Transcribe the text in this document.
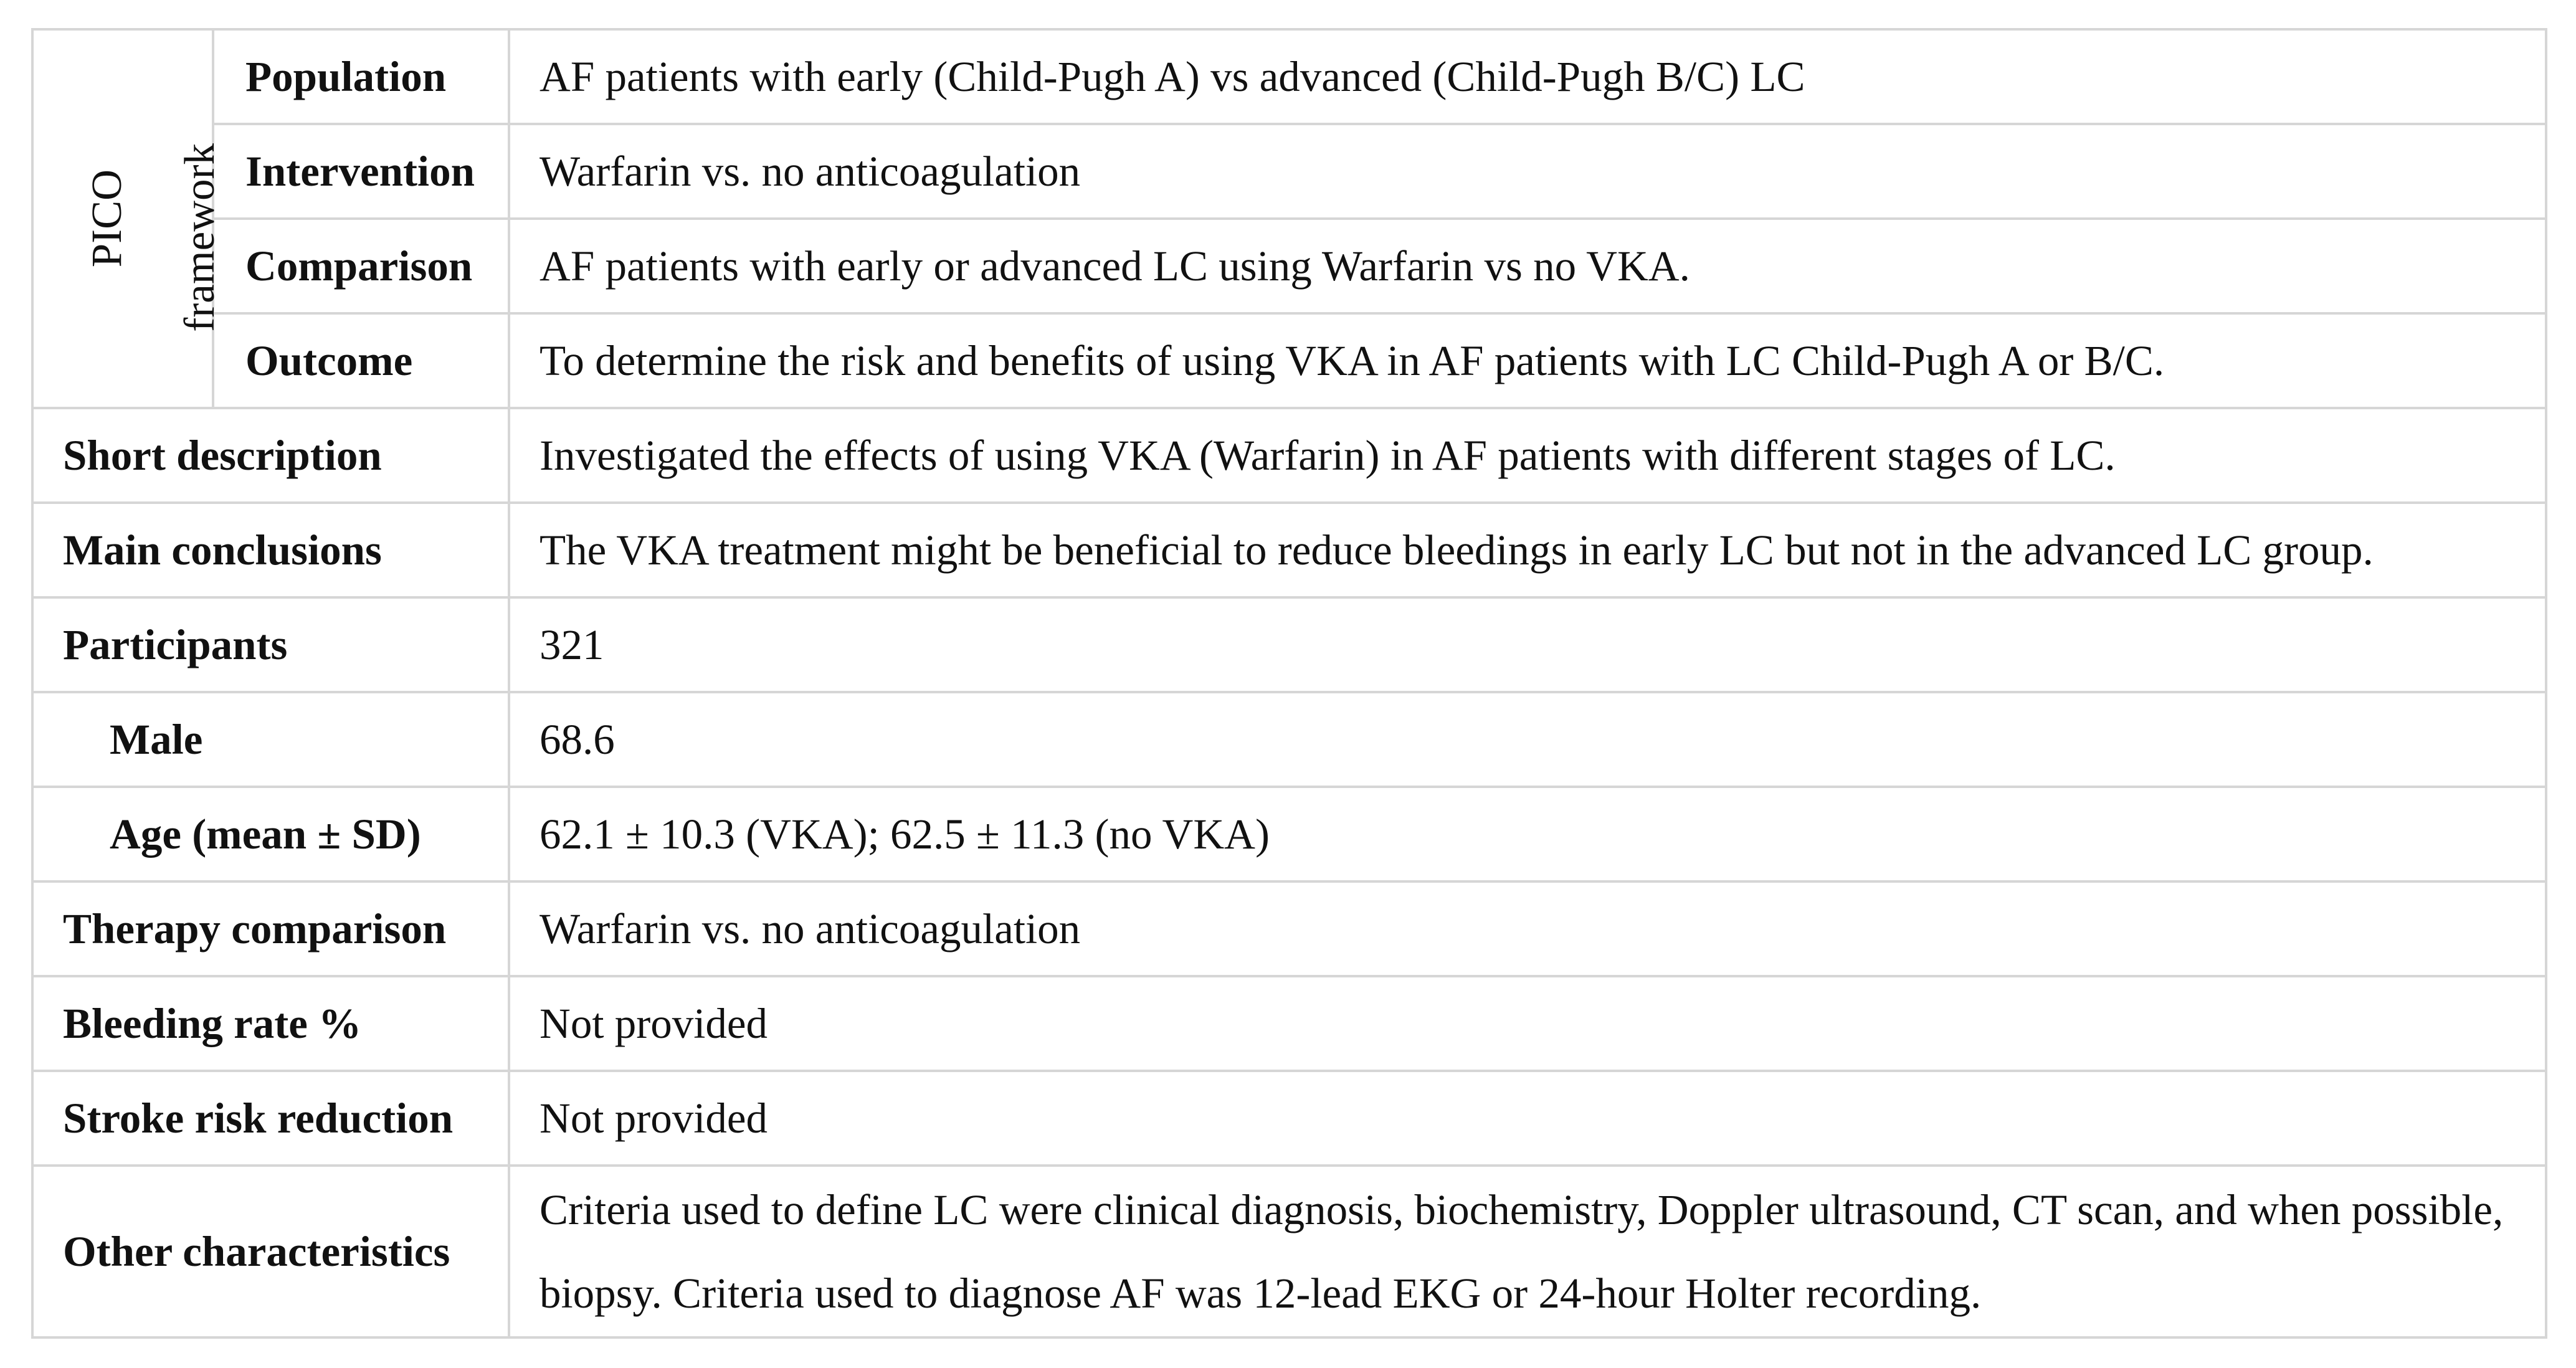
PICO framework	Population	AF patients with early (Child-Pugh A) vs advanced (Child-Pugh B/C) LC
	Intervention	Warfarin vs. no anticoagulation
	Comparison	AF patients with early or advanced LC using Warfarin vs no VKA.
	Outcome	To determine the risk and benefits of using VKA in AF patients with LC Child-Pugh A or B/C.
Short description		Investigated the effects of using VKA (Warfarin) in AF patients with different stages of LC.
Main conclusions		The VKA treatment might be beneficial to reduce bleedings in early LC but not in the advanced LC group.
Participants		321
Male		68.6
Age (mean ± SD)		62.1 ± 10.3 (VKA); 62.5 ± 11.3 (no VKA)
Therapy comparison		Warfarin vs. no anticoagulation
Bleeding rate %		Not provided
Stroke risk reduction		Not provided
Other characteristics		Criteria used to define LC were clinical diagnosis, biochemistry, Doppler ultrasound, CT scan, and when possible, biopsy. Criteria used to diagnose AF was 12-lead EKG or 24-hour Holter recording.
